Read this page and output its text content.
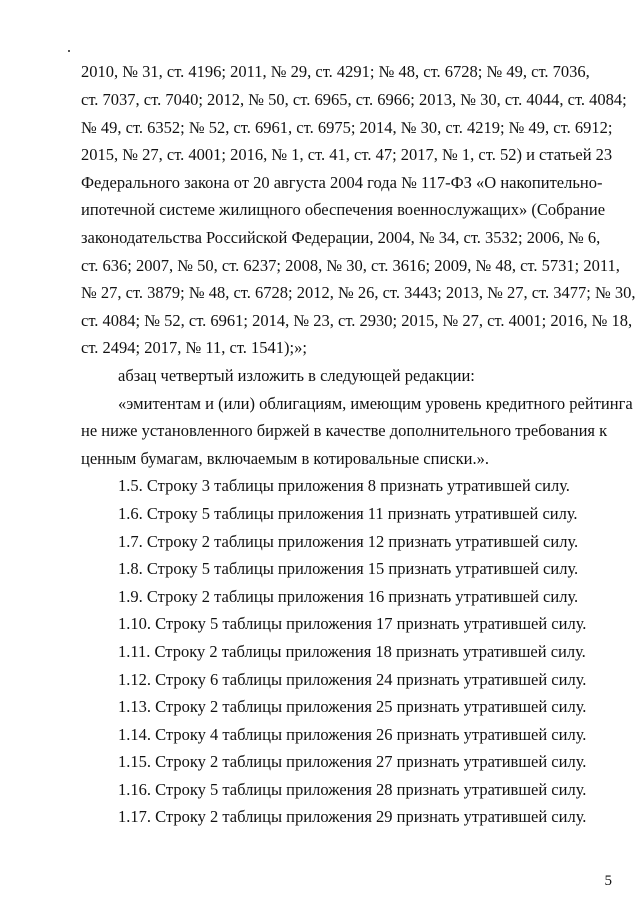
2010, № 31, ст. 4196; 2011, № 29, ст. 4291; № 48, ст. 6728; № 49, ст. 7036,
ст. 7037, ст. 7040; 2012, № 50, ст. 6965, ст. 6966; 2013, № 30, ст. 4044, ст. 4084;
№ 49, ст. 6352; № 52, ст. 6961, ст. 6975; 2014, № 30, ст. 4219; № 49, ст. 6912;
2015, № 27, ст. 4001; 2016, № 1, ст. 41, ст. 47; 2017, № 1, ст. 52) и статьей 23
Федерального закона от 20 августа 2004 года № 117-ФЗ «О накопительно-
ипотечной системе жилищного обеспечения военнослужащих» (Собрание
законодательства Российской Федерации, 2004, № 34, ст. 3532; 2006, № 6,
ст. 636; 2007, № 50, ст. 6237; 2008, № 30, ст. 3616; 2009, № 48, ст. 5731; 2011,
№ 27, ст. 3879; № 48, ст. 6728; 2012, № 26, ст. 3443; 2013, № 27, ст. 3477; № 30,
ст. 4084; № 52, ст. 6961; 2014, № 23, ст. 2930; 2015, № 27, ст. 4001; 2016, № 18,
ст. 2494; 2017, № 11, ст. 1541);»;
абзац четвертый изложить в следующей редакции:
«эмитентам и (или) облигациям, имеющим уровень кредитного рейтинга
не ниже установленного биржей в качестве дополнительного требования к
ценным бумагам, включаемым в котировальные списки.».
1.5. Строку 3 таблицы приложения 8 признать утратившей силу.
1.6. Строку 5 таблицы приложения 11 признать утратившей силу.
1.7. Строку 2 таблицы приложения 12 признать утратившей силу.
1.8. Строку 5 таблицы приложения 15 признать утратившей силу.
1.9. Строку 2 таблицы приложения 16 признать утратившей силу.
1.10. Строку 5 таблицы приложения 17 признать утратившей силу.
1.11. Строку 2 таблицы приложения 18 признать утратившей силу.
1.12. Строку 6 таблицы приложения 24 признать утратившей силу.
1.13. Строку 2 таблицы приложения 25 признать утратившей силу.
1.14. Строку 4 таблицы приложения 26 признать утратившей силу.
1.15. Строку 2 таблицы приложения 27 признать утратившей силу.
1.16. Строку 5 таблицы приложения 28 признать утратившей силу.
1.17. Строку 2 таблицы приложения 29 признать утратившей силу.
5
